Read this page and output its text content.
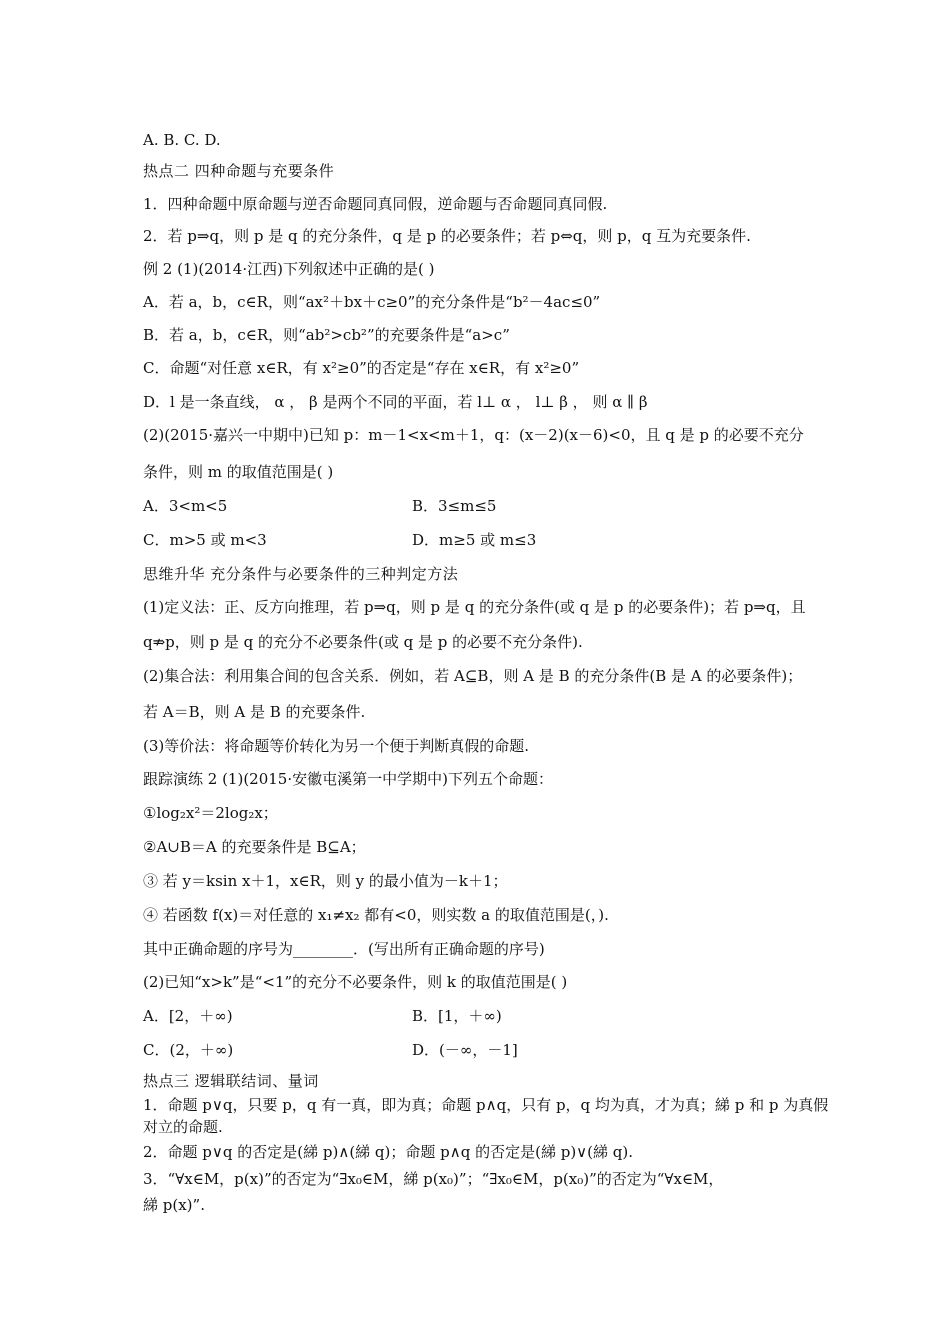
A. B. C. D.
热点二 四种命题与充要条件
1．四种命题中原命题与逆否命题同真同假，逆命题与否命题同真同假.
2．若 p⇒q，则 p 是 q 的充分条件，q 是 p 的必要条件；若 p⇔q，则 p，q 互为充要条件.
例 2 (1)(2014·江西)下列叙述中正确的是( )
A．若 a，b，c∈R，则“ax²＋bx＋c≥0”的充分条件是“b²－4ac≤0”
B．若 a，b，c∈R，则“ab²>cb²”的充要条件是“a>c”
C．命题“对任意 x∈R，有 x²≥0”的否定是“存在 x∈R，有 x²≥0”
D．l 是一条直线， α ， β 是两个不同的平面，若 l⊥ α ， l⊥ β ， 则 α ∥ β
(2)(2015·嘉兴一中期中)已知 p：m－1<x<m＋1，q：(x－2)(x－6)<0，且 q 是 p 的必要不充分
条件，则 m 的取值范围是( )
A．3<m<5	B．3≤m≤5
C．m>5 或 m<3	D．m≥5 或 m≤3
思维升华 充分条件与必要条件的三种判定方法
(1)定义法：正、反方向推理，若 p⇒q，则 p 是 q 的充分条件(或 q 是 p 的必要条件)；若 p⇒q，且
q⇏p，则 p 是 q 的充分不必要条件(或 q 是 p 的必要不充分条件).
(2)集合法：利用集合间的包含关系．例如，若 A⊆B，则 A 是 B 的充分条件(B 是 A 的必要条件)；
若 A＝B，则 A 是 B 的充要条件.
(3)等价法：将命题等价转化为另一个便于判断真假的命题.
跟踪演练 2 (1)(2015·安徽屯溪第一中学期中)下列五个命题：
①log₂x²＝2log₂x；
②A∪B＝A 的充要条件是 B⊆A；
③ 若 y＝ksin x＋1，x∈R，则 y 的最小值为－k＋1；
④ 若函数 f(x)＝对任意的 x₁≠x₂ 都有<0，则实数 a 的取值范围是(，).
其中正确命题的序号为________．(写出所有正确命题的序号)
(2)已知“x>k”是“<1”的充分不必要条件，则 k 的取值范围是( )
A．[2，＋∞)	B．[1，＋∞)
C．(2，＋∞)	D．(－∞，－1]
热点三 逻辑联结词、量词
1．命题 p∨q，只要 p，q 有一真，即为真；命题 p∧q，只有 p，q 均为真，才为真；綈 p 和 p 为真假
对立的命题.
2．命题 p∨q 的否定是(綈 p)∧(綈 q)；命题 p∧q 的否定是(綈 p)∨(綈 q).
3．“∀x∈M，p(x)”的否定为“∃x₀∈M，綈 p(x₀)”；“∃x₀∈M，p(x₀)”的否定为“∀x∈M，
綈 p(x)”.
